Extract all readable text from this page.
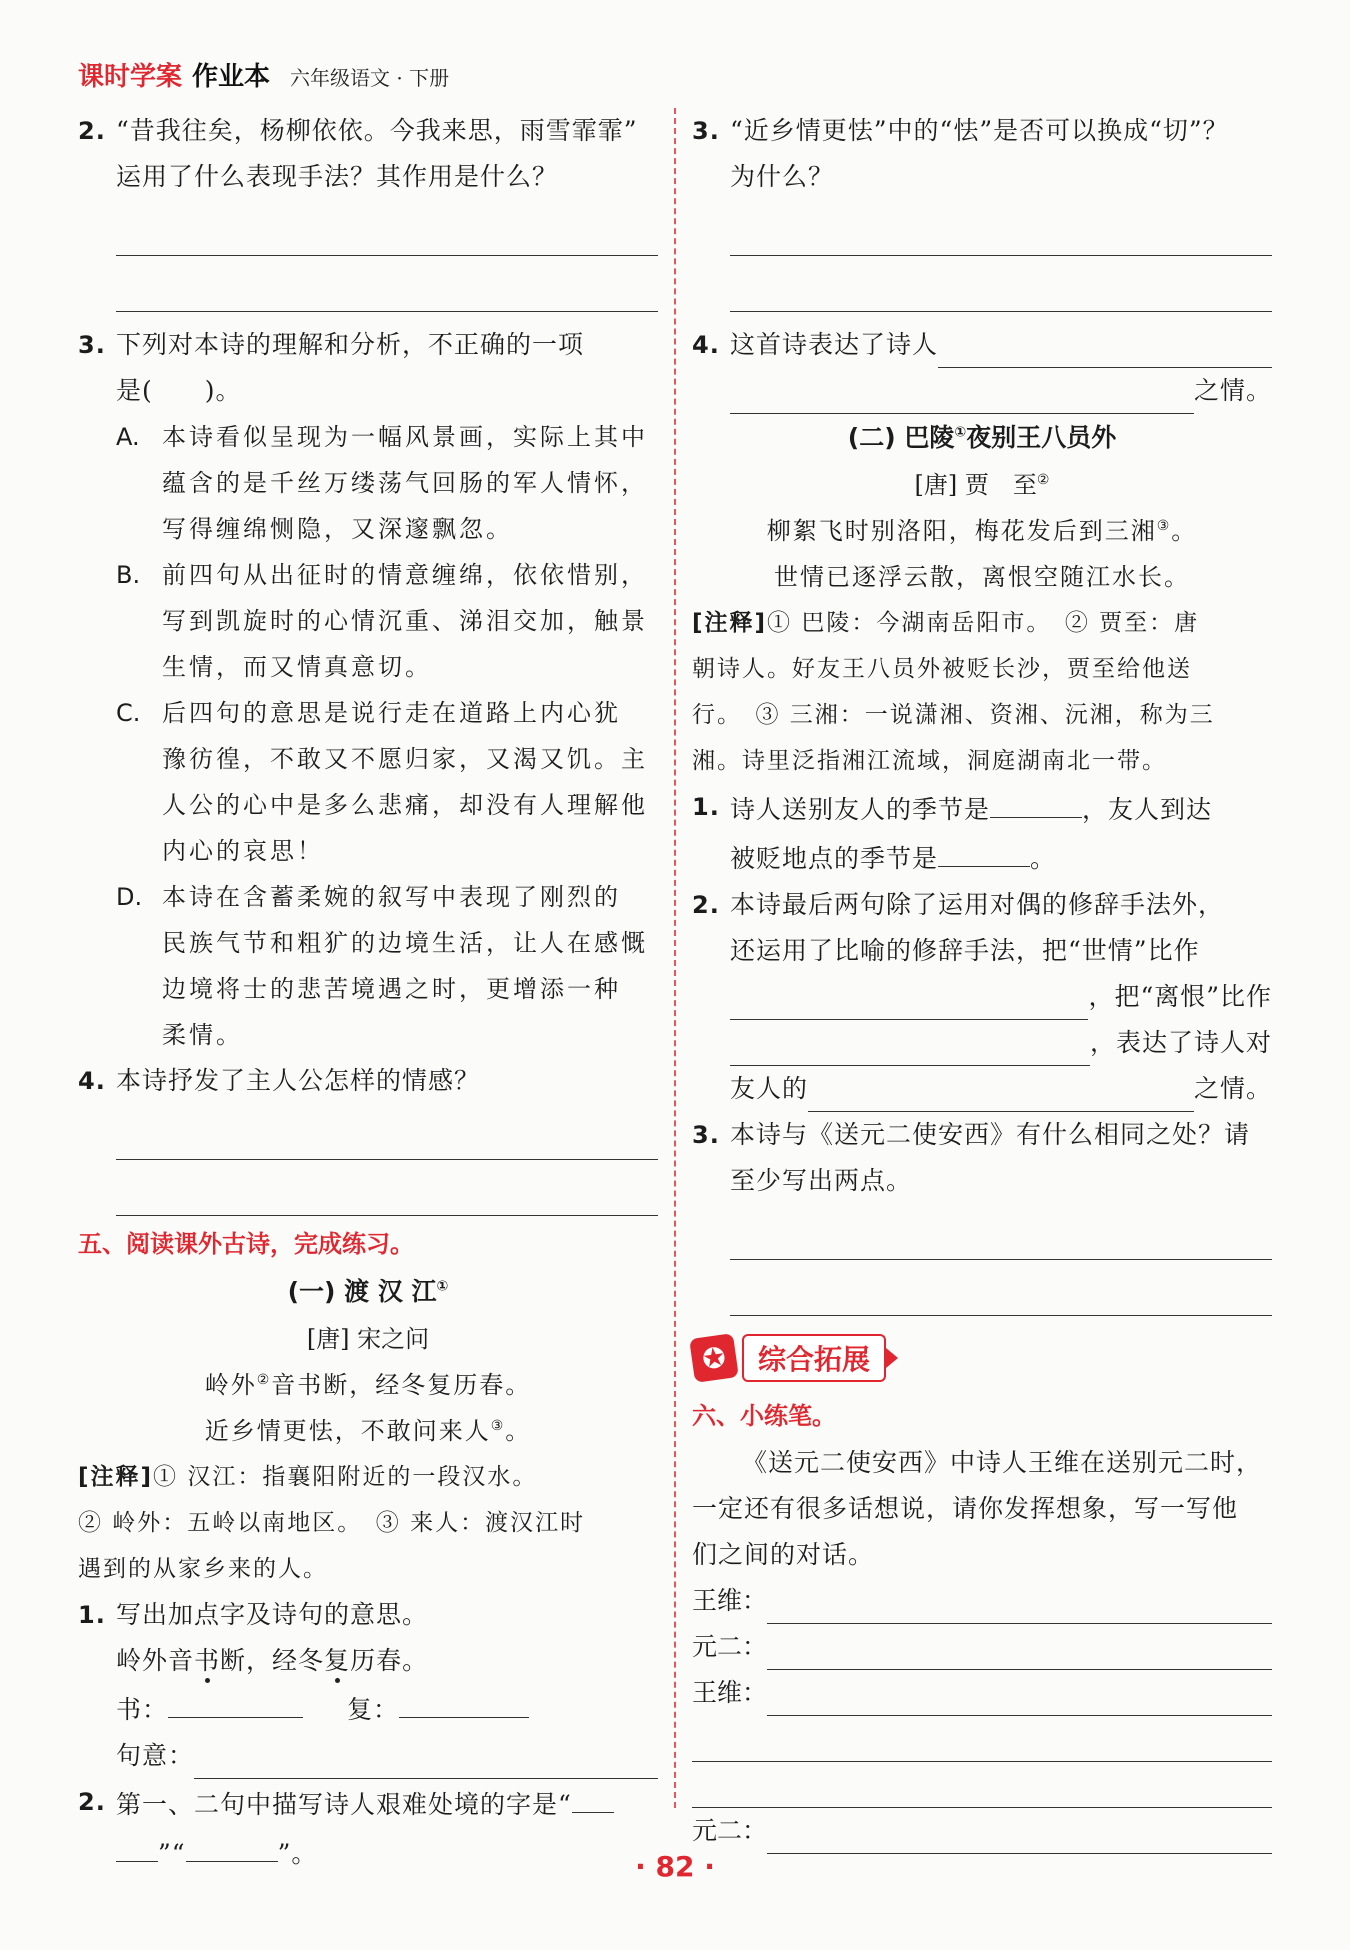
课时学案 作业本 六年级语文 · 下册
2. “昔我往矣，杨柳依依。今我来思，雨雪霏霏”
运用了什么表现手法？其作用是什么？
3. 下列对本诗的理解和分析，不正确的一项
是(　　)。
A. 本诗看似呈现为一幅风景画，实际上其中
蕴含的是千丝万缕荡气回肠的军人情怀，
写得缠绵恻隐，又深邃飘忽。
B. 前四句从出征时的情意缠绵，依依惜别，
写到凯旋时的心情沉重、涕泪交加，触景
生情，而又情真意切。
C. 后四句的意思是说行走在道路上内心犹
豫彷徨，不敢又不愿归家，又渴又饥。主
人公的心中是多么悲痛，却没有人理解他
内心的哀思！
D. 本诗在含蓄柔婉的叙写中表现了刚烈的
民族气节和粗犷的边境生活，让人在感慨
边境将士的悲苦境遇之时，更增添一种
柔情。
4. 本诗抒发了主人公怎样的情感？
五、阅读课外古诗，完成练习。
(一) 渡 汉 江①
[唐] 宋之问
岭外②音书断，经冬复历春。
近乡情更怯，不敢问来人③。
[注释]① 汉江：指襄阳附近的一段汉水。
② 岭外：五岭以南地区。　③ 来人：渡汉江时
遇到的从家乡来的人。
1. 写出加点字及诗句的意思。
岭外音书断，经冬复历春。
书：	复：
句意：
2. 第一、二句中描写诗人艰难处境的字是“
”“	”。
3. “近乡情更怯”中的“怯”是否可以换成“切”？
为什么？
4. 这首诗表达了诗人
之情。
(二) 巴陵①夜别王八员外
[唐] 贾　至②
柳絮飞时别洛阳，梅花发后到三湘③。
世情已逐浮云散，离恨空随江水长。
[注释]① 巴陵：今湖南岳阳市。　② 贾至：唐
朝诗人。好友王八员外被贬长沙，贾至给他送
行。　③ 三湘：一说潇湘、资湘、沅湘，称为三
湘。诗里泛指湘江流域，洞庭湖南北一带。
1. 诗人送别友人的季节是	，友人到达
被贬地点的季节是	。
2. 本诗最后两句除了运用对偶的修辞手法外，
还运用了比喻的修辞手法，把“世情”比作
，把“离恨”比作
，表达了诗人对
友人的	之情。
3. 本诗与《送元二使安西》有什么相同之处？请
至少写出两点。
✪	综合拓展
六、小练笔。
《送元二使安西》中诗人王维在送别元二时，
一定还有很多话想说，请你发挥想象，写一写他
们之间的对话。
王维：
元二：
王维：
元二：
· 82 ·
